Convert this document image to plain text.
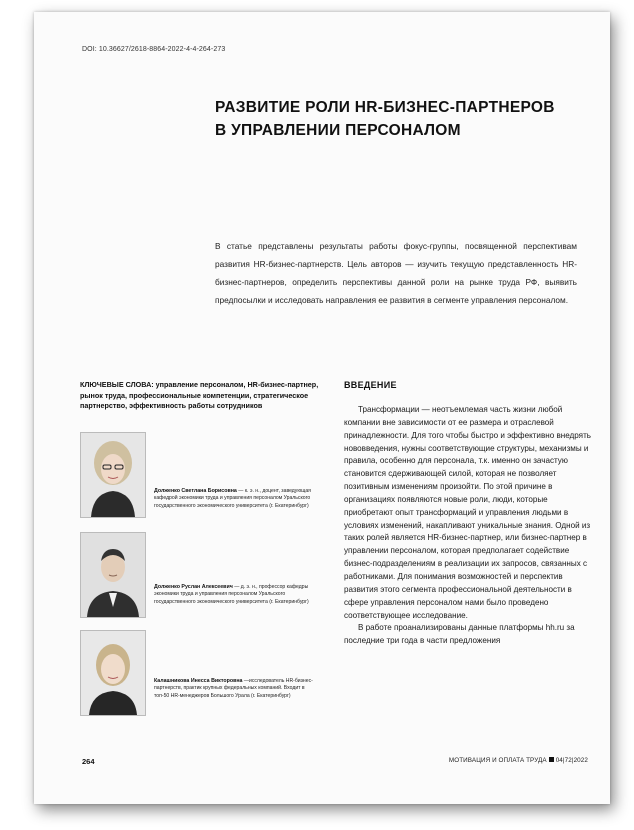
DOI: 10.36627/2618-8864-2022-4-4-264-273
РАЗВИТИЕ РОЛИ HR-БИЗНЕС-ПАРТНЕРОВ
В УПРАВЛЕНИИ ПЕРСОНАЛОМ

В статье представлены результаты работы фокус-группы, посвященной перспективам развития HR-бизнес-партнерств. Цель авторов — изучить текущую представленность HR-бизнес-партнеров, определить перспективы данной роли на рынке труда РФ, выявить предпосылки и исследовать направления ее развития в сегменте управления персоналом.

КЛЮЧЕВЫЕ СЛОВА: управление персоналом, HR-бизнес-партнер, рынок труда, профессиональные компетенции, стратегическое партнерство, эффективность работы сотрудников

Долженко Светлана Борисовна — к. э. н., доцент, заведующая кафедрой экономики труда и управления персоналом Уральского государственного экономического университета (г. Екатеринбург)

Долженко Руслан Алексеевич — д. э. н., профессор кафедры экономики труда и управления персоналом Уральского государственного экономического университета (г. Екатеринбург)

Калашникова Инесса Викторовна —исследователь HR-бизнес-партнерств, практик крупных федеральных компаний. Входит в топ-50 HR-менеджеров Большого Урала (г. Екатеринбург)

ВВЕДЕНИЕ

Трансформации — неотъемлемая часть жизни любой компании вне зависимости от ее размера и отраслевой принадлежности. Для того чтобы быстро и эффективно внедрять нововведения, нужны соответствующие структуры, механизмы и правила, особенно для персонала, т.к. именно он зачастую становится сдерживающей силой, которая не позволяет позитивным изменениям произойти. По этой причине в организациях появляются новые роли, люди, которые приобретают опыт трансформаций и управления людьми в условиях изменений, накапливают уникальные знания. Одной из таких ролей является HR-бизнес-партнер, или бизнес-партнер в управлении персоналом, которая предполагает содействие бизнес-подразделениям в реализации их запросов, связанных с работниками. Для понимания возможностей и перспектив развития этого сегмента профессиональной деятельности в сфере управления персоналом нами было проведено соответствующее исследование.

В работе проанализированы данные платформы hh.ru за последние три года в части предложения

264	МОТИВАЦИЯ И ОПЛАТА ТРУДА 04|72|2022
